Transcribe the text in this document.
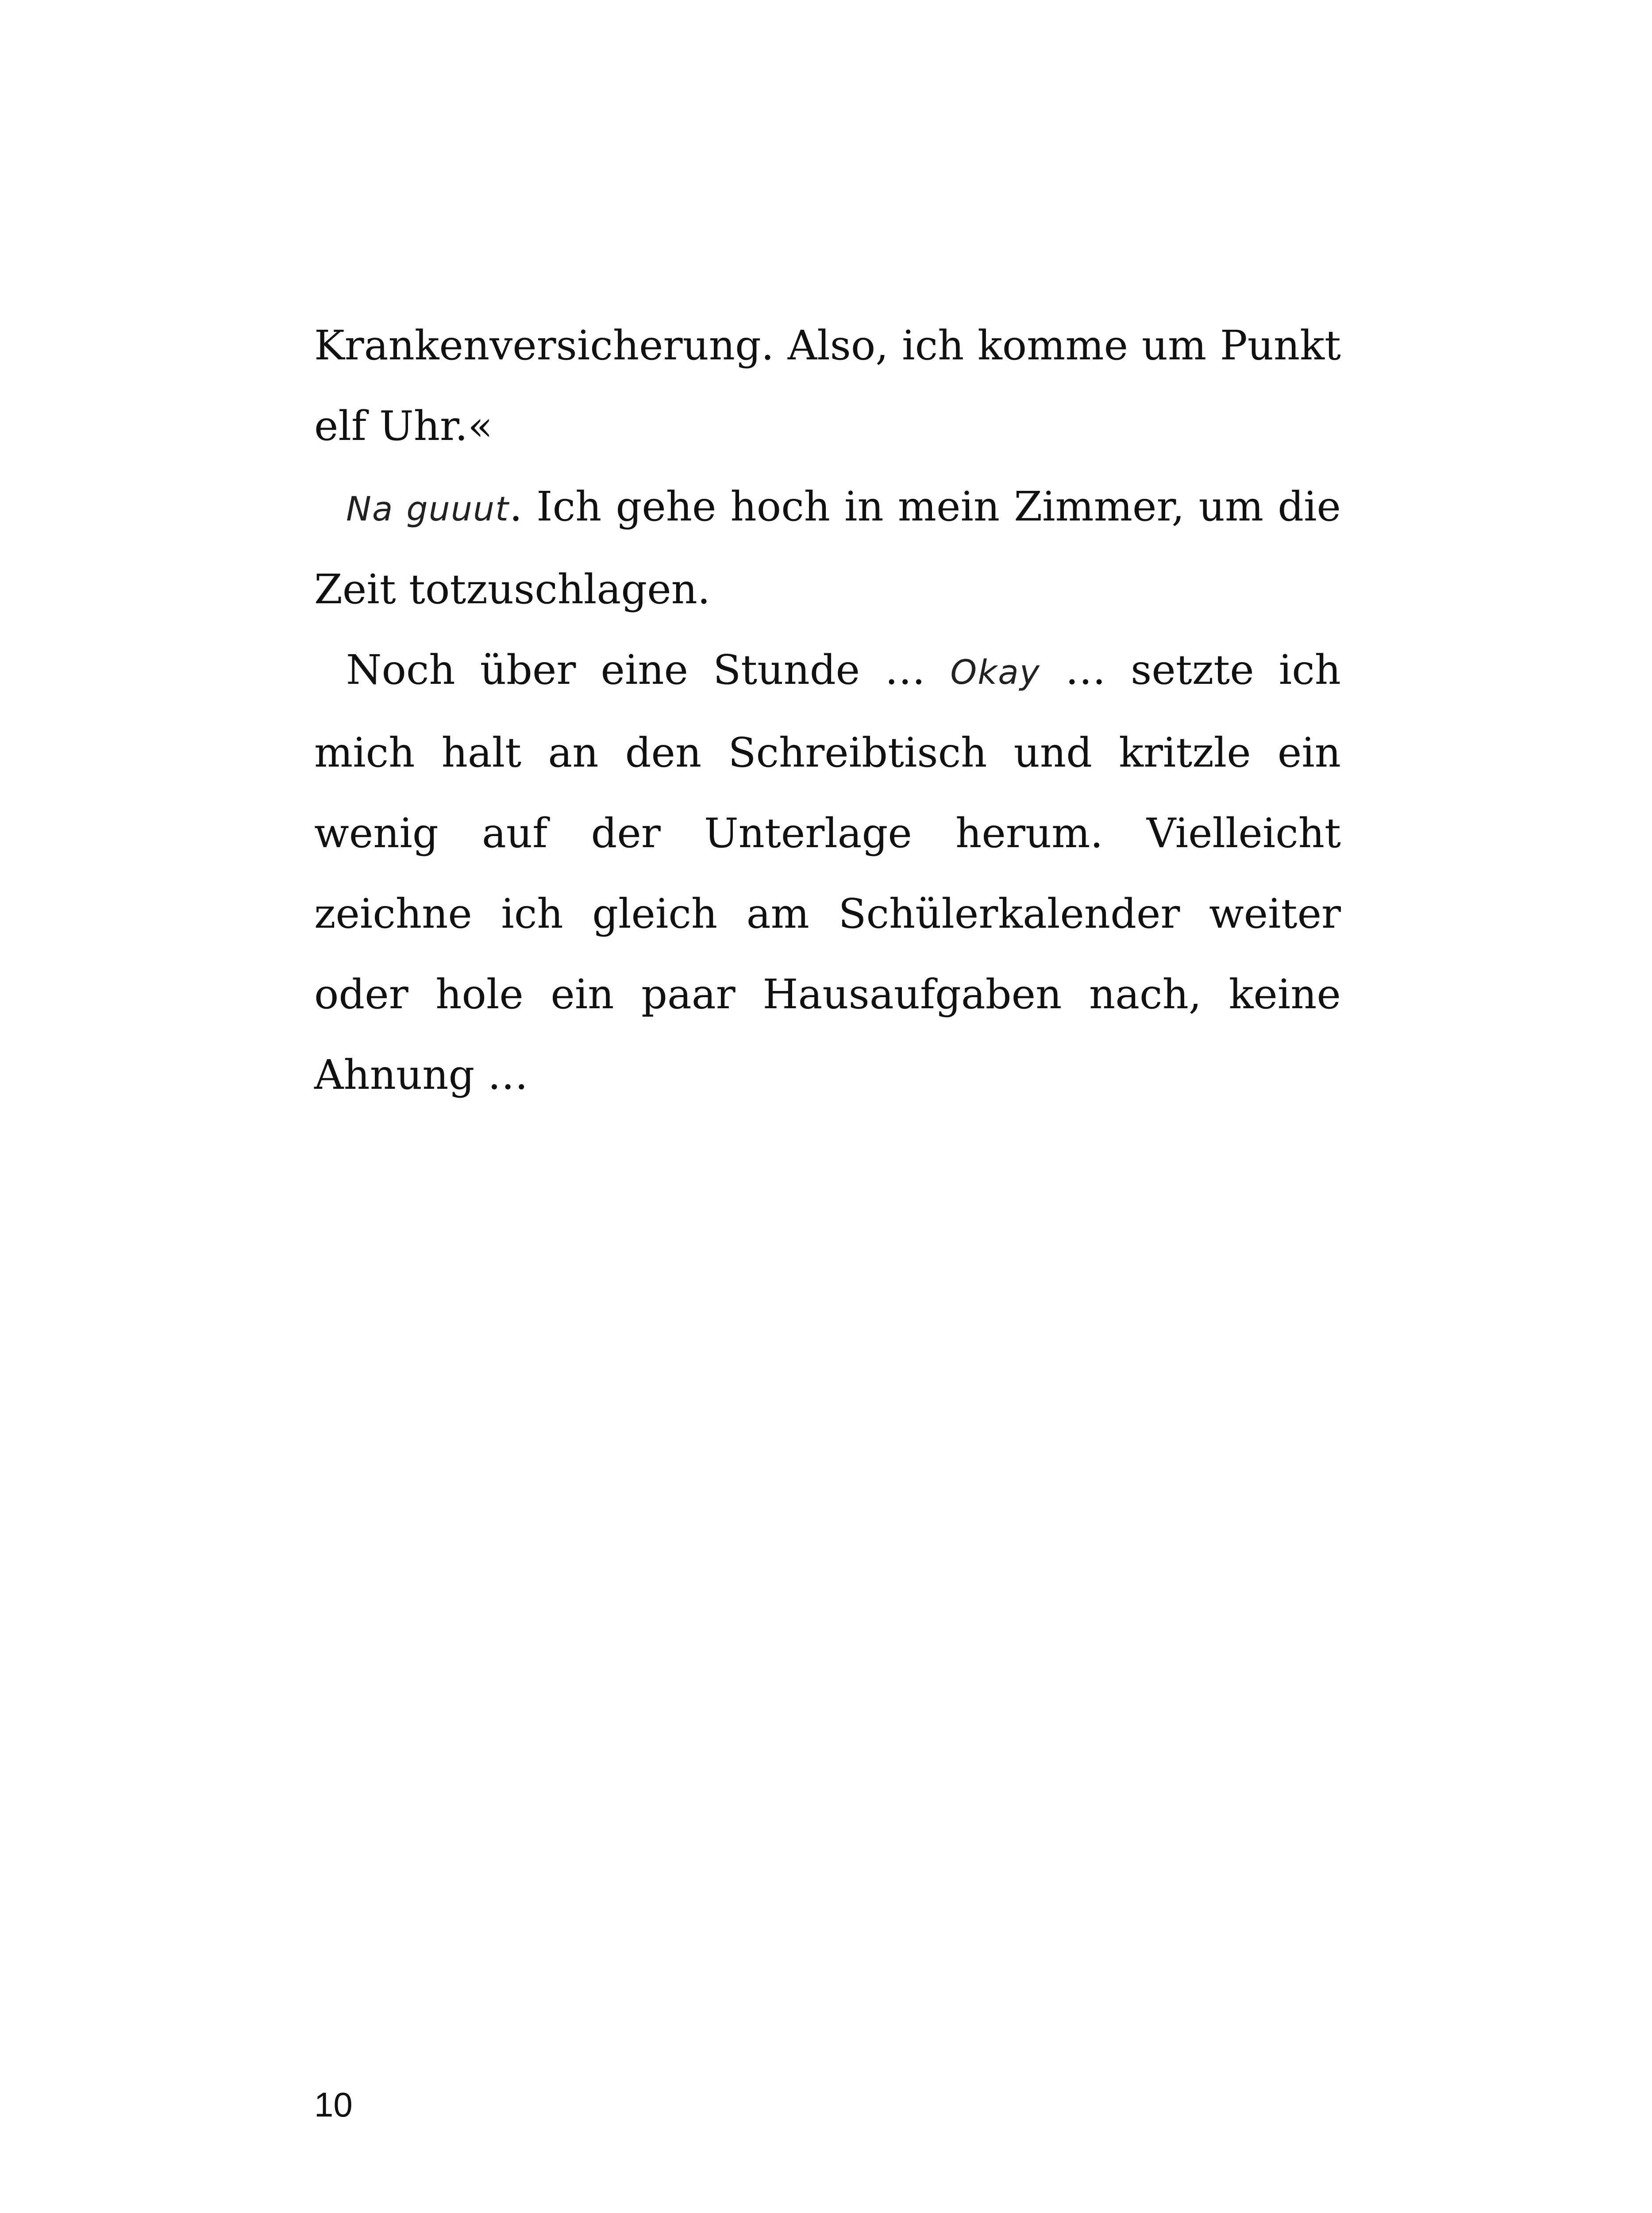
Krankenversicherung. Also, ich komme um Punkt elf Uhr.«

Na guuut. Ich gehe hoch in mein Zimmer, um die Zeit totzuschlagen.

Noch über eine Stunde … Okay … setzte ich mich halt an den Schreibtisch und kritzle ein wenig auf der Unterlage herum. Vielleicht zeichne ich gleich am Schülerkalender weiter oder hole ein paar Hausaufgaben nach, keine Ahnung …

10
